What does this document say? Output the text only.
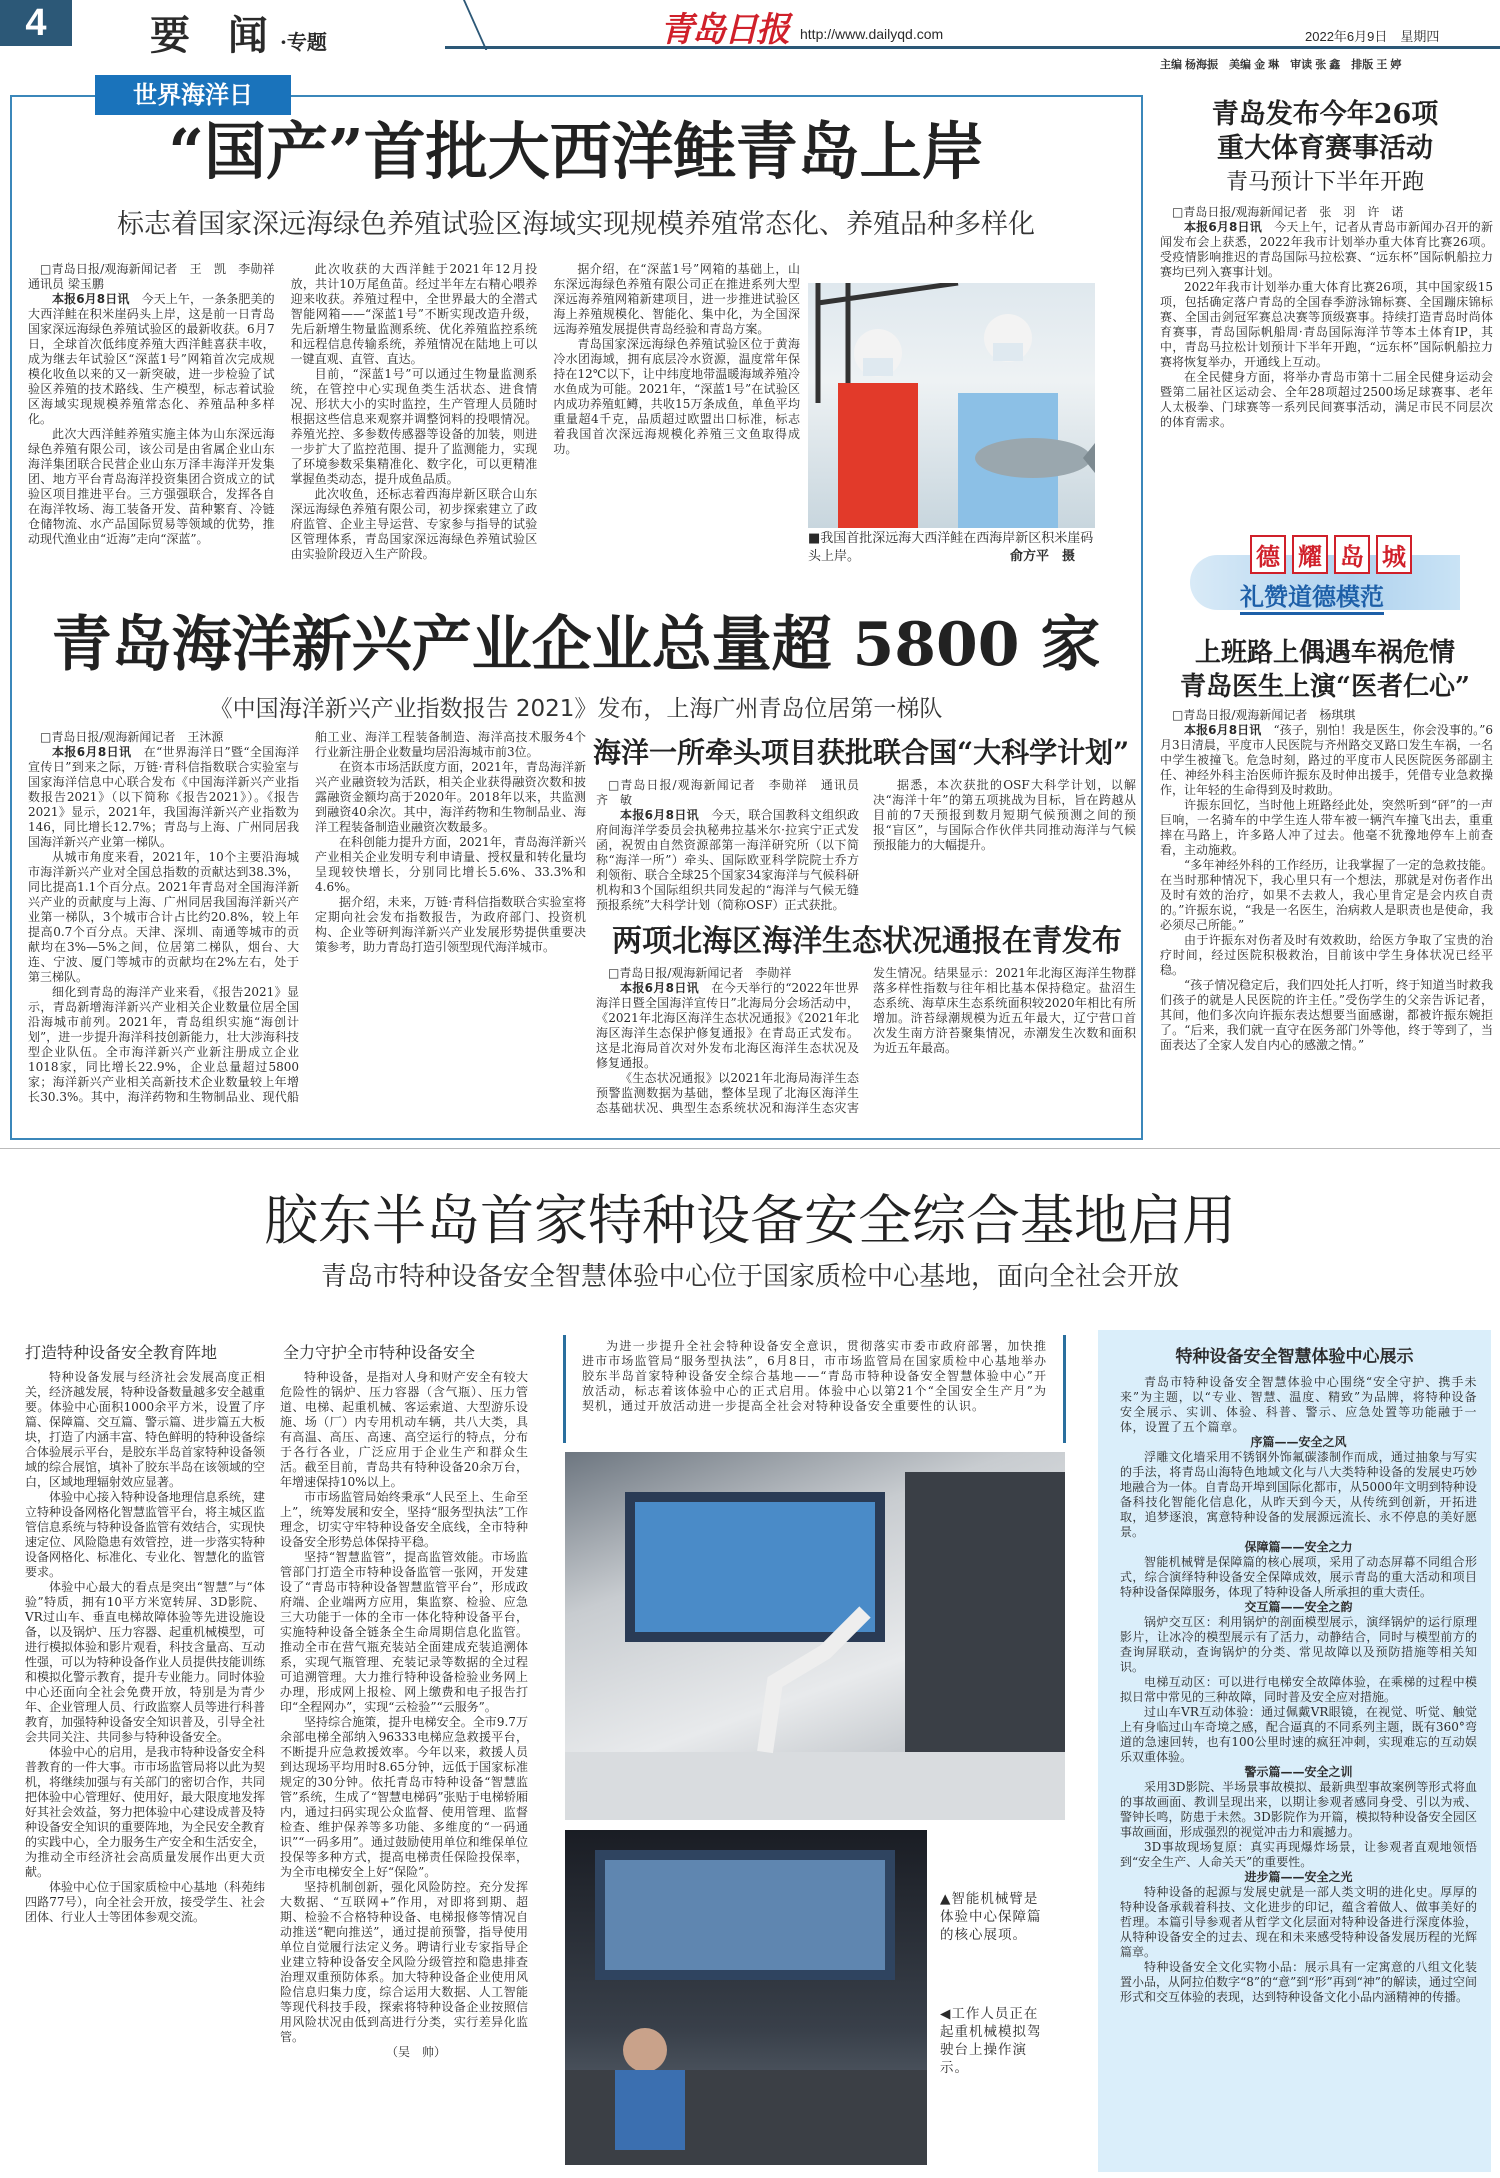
4	要 闻·专题	青岛日报 http://www.dailyqd.com	2022年6月9日　星期四
主编 杨海振　美编 金 琳　审读 张 鑫　排版 王 婷
世界海洋日
“国产”首批大西洋鲑青岛上岸
标志着国家深远海绿色养殖试验区海域实现规模养殖常态化、养殖品种多样化

□青岛日报/观海新闻记者　王　凯　李勋祥　通讯员 梁玉鹏

本报6月8日讯　 今天上午，一条条肥美的大西洋鲑在积米崖码头上岸，这是前一日青岛国家深远海绿色养殖试验区的最新收获。6月7日，全球首次低纬度养殖大西洋鲑喜获丰收，成为继去年试验区“深蓝1号”网箱首次完成规模化收鱼以来的又一新突破，进一步检验了试验区养殖的技术路线、生产模型，标志着试验区海域实现规模养殖常态化、养殖品种多样化。

此次大西洋鲑养殖实施主体为山东深远海绿色养殖有限公司，该公司是由省属企业山东海洋集团联合民营企业山东万泽丰海洋开发集团、地方平台青岛海洋投资集团合资成立的试验区项目推进平台。三方强强联合，发挥各自在海洋牧场、海工装备开发、苗种繁育、冷链仓储物流、水产品国际贸易等领域的优势，推动现代渔业由“近海”走向“深蓝”。

此次收获的大西洋鲑于2021年12月投放，共计10万尾鱼苗。经过半年左右精心喂养迎来收获。养殖过程中，全世界最大的全潜式智能网箱——“深蓝1号”不断实现改造升级，先后新增生物量监测系统、优化养殖监控系统和远程信息传输系统，养殖情况在陆地上可以一键直观、直管、直达。

目前，“深蓝1号”可以通过生物量监测系统，在管控中心实现鱼类生活状态、进食情况、形状大小的实时监控，生产管理人员随时根据这些信息来观察并调整饲料的投喂情况。养殖光控、多参数传感器等设备的加装，则进一步扩大了监控范围、提升了监测能力，实现了环境参数采集精准化、数字化，可以更精准掌握鱼类动态，提升成鱼品质。

此次收鱼，还标志着西海岸新区联合山东深远海绿色养殖有限公司，初步探索建立了政府监管、企业主导运营、专家参与指导的试验区管理体系，青岛国家深远海绿色养殖试验区由实验阶段迈入生产阶段。

据介绍，在“深蓝1号”网箱的基础上，山东深远海绿色养殖有限公司正在推进系列大型深远海养殖网箱新建项目，进一步推进试验区海上养殖规模化、智能化、集中化，为全国深远海养殖发展提供青岛经验和青岛方案。

青岛国家深远海绿色养殖试验区位于黄海冷水团海域，拥有底层冷水资源，温度常年保持在12℃以下，让中纬度地带温暖海域养殖冷水鱼成为可能。2021年，“深蓝1号”在试验区内成功养殖虹鳟，共收15万条成鱼，单鱼平均重量超4千克，品质超过欧盟出口标准，标志着我国首次深远海规模化养殖三文鱼取得成功。

■我国首批深远海大西洋鲑在西海岸新区积米崖码头上岸。	俞方平　摄
青岛海洋新兴产业企业总量超 5800 家
《中国海洋新兴产业指数报告 2021》发布，上海广州青岛位居第一梯队

□青岛日报/观海新闻记者　王沐源

本报6月8日讯　 在“世界海洋日”暨“全国海洋宣传日”到来之际，万链·青科信指数联合实验室与国家海洋信息中心联合发布《中国海洋新兴产业指数报告2021》（以下简称《报告2021》）。《报告2021》显示，2021年，我国海洋新兴产业指数为146，同比增长12.7%；青岛与上海、广州同居我国海洋新兴产业第一梯队。

从城市角度来看，2021年，10个主要沿海城市海洋新兴产业对全国总指数的贡献达到38.3%，同比提高1.1个百分点。2021年青岛对全国海洋新兴产业的贡献度与上海、广州同居我国海洋新兴产业第一梯队，3个城市合计占比约20.8%，较上年提高0.7个百分点。天津、深圳、南通等城市的贡献均在3%—5%之间，位居第二梯队，烟台、大连、宁波、厦门等城市的贡献均在2%左右，处于第三梯队。

细化到青岛的海洋产业来看，《报告2021》显示，青岛新增海洋新兴产业相关企业数量位居全国沿海城市前列。2021年，青岛组织实施“海创计划”，进一步提升海洋科技创新能力，壮大涉海科技型企业队伍。全市海洋新兴产业新注册成立企业1018家，同比增长22.9%，企业总量超过5800家；海洋新兴产业相关高新技术企业数量较上年增长30.3%。其中，海洋药物和生物制品业、现代船舶工业、海洋工程装备制造、海洋高技术服务4个行业新注册企业数量均居沿海城市前3位。

在资本市场活跃度方面，2021年，青岛海洋新兴产业融资较为活跃，相关企业获得融资次数和披露融资金额均高于2020年。2018年以来，共监测到融资40余次。其中，海洋药物和生物制品业、海洋工程装备制造业融资次数最多。

在科创能力提升方面，2021年，青岛海洋新兴产业相关企业发明专利申请量、授权量和转化量均呈现较快增长，分别同比增长5.6%、33.3%和4.6%。

据介绍，未来，万链·青科信指数联合实验室将定期向社会发布指数报告，为政府部门、投资机构、企业等研判海洋新兴产业发展形势提供重要决策参考，助力青岛打造引领型现代海洋城市。

海洋一所牵头项目获批联合国“大科学计划”

□青岛日报/观海新闻记者　李勋祥　通讯员　齐　敏

本报6月8日讯　 今天，联合国教科文组织政府间海洋学委员会执秘弗拉基米尔·拉宾宁正式发函，祝贺由自然资源部第一海洋研究所（以下简称“海洋一所”）牵头、国际欧亚科学院院士乔方利领衔、联合全球25个国家34家海洋与气候科研机构和3个国际组织共同发起的“海洋与气候无缝预报系统”大科学计划（简称OSF）正式获批。

据悉，本次获批的OSF大科学计划，以解决“海洋十年”的第五项挑战为目标，旨在跨越从目前的7天预报到数月短期气候预测之间的预报“盲区”，与国际合作伙伴共同推动海洋与气候预报能力的大幅提升。

两项北海区海洋生态状况通报在青发布

□青岛日报/观海新闻记者　李勋祥

本报6月8日讯　 在今天举行的“2022年世界海洋日暨全国海洋宣传日”北海局分会场活动中，《2021年北海区海洋生态状况通报》《2021年北海区海洋生态保护修复通报》在青岛正式发布。这是北海局首次对外发布北海区海洋生态状况及修复通报。

《生态状况通报》以2021年北海局海洋生态预警监测数据为基础，整体呈现了北海区海洋生态基础状况、典型生态系统状况和海洋生态灾害发生情况。结果显示：2021年北海区海洋生物群落多样性指数与往年相比基本保持稳定。盐沼生态系统、海草床生态系统面积较2020年相比有所增加。浒苔绿潮规模为近五年最大，辽宁营口首次发生南方浒苔聚集情况，赤潮发生次数和面积为近五年最高。

青岛发布今年26项
重大体育赛事活动
青马预计下半年开跑

□青岛日报/观海新闻记者　张　羽　许　诺

本报6月8日讯　 今天上午，记者从青岛市新闻办召开的新闻发布会上获悉，2022年我市计划举办重大体育比赛26项。受疫情影响推迟的青岛国际马拉松赛、“远东杯”国际帆船拉力赛均已列入赛事计划。

2022年我市计划举办重大体育比赛26项，其中国家级15项，包括确定落户青岛的全国春季游泳锦标赛、全国蹦床锦标赛、全国击剑冠军赛总决赛等顶级赛事。持续打造青岛时尚体育赛事，青岛国际帆船周·青岛国际海洋节等本土体育IP，其中，青岛马拉松计划预计下半年开跑，“远东杯”国际帆船拉力赛将恢复举办，开通线上互动。

在全民健身方面，将举办青岛市第十二届全民健身运动会暨第二届社区运动会、全年28项超过2500场足球赛事、老年人太极拳、门球赛等一系列民间赛事活动，满足市民不同层次的体育需求。

德 耀 岛 城
礼赞道德模范
上班路上偶遇车祸危情
青岛医生上演“医者仁心”

□青岛日报/观海新闻记者　杨琪琪

本报6月8日讯　 “孩子，别怕！我是医生，你会没事的。”6月3日清晨，平度市人民医院与齐州路交叉路口发生车祸，一名中学生被撞飞。危急时刻，路过的平度市人民医院医务部副主任、神经外科主治医师许振东及时伸出援手，凭借专业急救操作，让年轻的生命得到及时救助。

许振东回忆，当时他上班路经此处，突然听到“砰”的一声巨响，一名骑车的中学生连人带车被一辆汽车撞飞出去，重重摔在马路上，许多路人冲了过去。他毫不犹豫地停车上前查看，主动施救。

“多年神经外科的工作经历，让我掌握了一定的急救技能。在当时那种情况下，我心里只有一个想法，那就是对伤者作出及时有效的治疗，如果不去救人，我心里肯定是会内疚自责的。”许振东说，“我是一名医生，治病救人是职责也是使命，我必须尽己所能。”

由于许振东对伤者及时有效救助，给医方争取了宝贵的治疗时间，经过医院积极救治，目前该中学生身体状况已经平稳。

“孩子情况稳定后，我们四处托人打听，终于知道当时救我们孩子的就是人民医院的许主任。”受伤学生的父亲告诉记者，其间，他们多次向许振东表达想要当面感谢，都被许振东婉拒了。“后来，我们就一直守在医务部门外等他，终于等到了，当面表达了全家人发自内心的感激之情。”

胶东半岛首家特种设备安全综合基地启用
青岛市特种设备安全智慧体验中心位于国家质检中心基地，面向全社会开放
打造特种设备安全教育阵地	全力守护全市特种设备安全

特种设备发展与经济社会发展高度正相关，经济越发展，特种设备数量越多安全越重要。体验中心面积1000余平方米，设置了序篇、保障篇、交互篇、警示篇、进步篇五大板块，打造了内涵丰富、特色鲜明的特种设备综合体验展示平台，是胶东半岛首家特种设备领域的综合展馆，填补了胶东半岛在该领域的空白，区域地理辐射效应显著。

体验中心接入特种设备地理信息系统，建立特种设备网格化智慧监管平台，将主城区监管信息系统与特种设备监管有效结合，实现快速定位、风险隐患有效管控，进一步落实特种设备网格化、标准化、专业化、智慧化的监管要求。

体验中心最大的看点是突出“智慧”与“体验”特质，拥有10平方米宽转屏、3D影院、VR过山车、垂直电梯故障体验等先进设施设备，以及锅炉、压力容器、起重机械模型，可进行模拟体验和影片观看，科技含量高、互动性强，可以为特种设备作业人员提供技能训练和模拟化警示教育，提升专业能力。同时体验中心还面向全社会免费开放，特别是为青少年、企业管理人员、行政监察人员等进行科普教育，加强特种设备安全知识普及，引导全社会共同关注、共同参与特种设备安全。

体验中心的启用，是我市特种设备安全科普教育的一件大事。市市场监管局将以此为契机，将继续加强与有关部门的密切合作，共同把体验中心管理好、使用好，最大限度地发挥好其社会效益，努力把体验中心建设成普及特种设备安全知识的重要阵地，为全民安全教育的实践中心，全力服务生产安全和生活安全，为推动全市经济社会高质量发展作出更大贡献。

体验中心位于国家质检中心基地（科苑纬四路77号），向全社会开放，接受学生、社会团体、行业人士等团体参观交流。

特种设备，是指对人身和财产安全有较大危险性的锅炉、压力容器（含气瓶）、压力管道、电梯、起重机械、客运索道、大型游乐设施、场（厂）内专用机动车辆，共八大类，具有高温、高压、高速、高空运行的特点，分布于各行各业，广泛应用于企业生产和群众生活。截至目前，青岛共有特种设备20余万台，年增速保持10%以上。

市市场监管局始终秉承“人民至上、生命至上”，统筹发展和安全，坚持“服务型执法”工作理念，切实守牢特种设备安全底线，全市特种设备安全形势总体保持平稳。

坚持“智慧监管”，提高监管效能。市场监管部门打造全市特种设备监管一张网，开发建设了“青岛市特种设备智慧监管平台”，形成政府端、企业端两方应用，集监察、检验、应急三大功能于一体的全市一体化特种设备平台，实施特种设备全链条全生命周期信息化监管。推动全市在营气瓶充装站全面建成充装追溯体系，实现气瓶管理、充装记录等数据的全过程可追溯管理。大力推行特种设备检验业务网上办理，形成网上报检、网上缴费和电子报告打印“全程网办”，实现“云检验”“云服务”。

坚持综合施策，提升电梯安全。全市9.7万余部电梯全部纳入96333电梯应急救援平台，不断提升应急救援效率。今年以来，救援人员到达现场平均用时8.65分钟，远低于国家标准规定的30分钟。依托青岛市特种设备“智慧监管”系统，生成了“智慧电梯码”张贴于电梯轿厢内，通过扫码实现公众监督、使用管理、监督检查、维护保养等多功能、多维度的“一码通识”“一码多用”。通过鼓励使用单位和维保单位投保等多种方式，提高电梯责任保险投保率，为全市电梯安全上好“保险”。

坚持机制创新，强化风险防控。充分发挥大数据、“互联网+”作用，对即将到期、超期、检验不合格特种设备、电梯报修等情况自动推送“靶向推送”，通过提前预警，指导使用单位自觉履行法定义务。聘请行业专家指导企业建立特种设备安全风险分级管控和隐患排查治理双重预防体系。加大特种设备企业使用风险信息归集力度，综合运用大数据、人工智能等现代科技手段，探索将特种设备企业按照信用风险状况由低到高进行分类，实行差异化监管。

（吴　帅）

为进一步提升全社会特种设备安全意识，贯彻落实市委市政府部署，加快推进市市场监管局“服务型执法”，6月8日，市市场监管局在国家质检中心基地举办胶东半岛首家特种设备安全综合基地——“青岛市特种设备安全智慧体验中心”开放活动，标志着该体验中心的正式启用。体验中心以第21个“全国安全生产月”为契机，通过开放活动进一步提高全社会对特种设备安全重要性的认识。

▲智能机械臂是体验中心保障篇的核心展项。
◀工作人员正在起重机械模拟驾驶台上操作演示。
特种设备安全智慧体验中心展示

青岛市特种设备安全智慧体验中心围绕“安全守护、携手未来”为主题，以“专业、智慧、温度、精致”为品牌，将特种设备安全展示、实训、体验、科普、警示、应急处置等功能融于一体，设置了五个篇章。

序篇——安全之风

浮雕文化墙采用不锈钢外饰氟碳漆制作而成，通过抽象与写实的手法，将青岛山海特色地域文化与八大类特种设备的发展史巧妙地融合为一体。自青岛开埠到国际化都市，从5000年文明到特种设备科技化智能化信息化，从昨天到今天，从传统到创新，开拓进取，追梦逐浪，寓意特种设备的发展源远流长、永不停息的美好愿景。

保障篇——安全之力

智能机械臂是保障篇的核心展项，采用了动态屏幕不同组合形式，综合演绎特种设备安全保障成效，展示青岛的重大活动和项目特种设备保障服务，体现了特种设备人所承担的重大责任。

交互篇——安全之韵

锅炉交互区：利用锅炉的剖面模型展示，演绎锅炉的运行原理影片，让冰冷的模型展示有了活力，动静结合，同时与模型前方的查询屏联动，查询锅炉的分类、常见故障以及预防措施等相关知识。

电梯互动区：可以进行电梯安全故障体验，在乘梯的过程中模拟日常中常见的三种故障，同时普及安全应对措施。

过山车VR互动体验：通过佩戴VR眼镜，在视觉、听觉、触觉上有身临过山车奇境之感，配合逼真的不同系列主题，既有360°弯道的急速回转，也有100公里时速的疯狂冲刺，实现难忘的互动娱乐双重体验。

警示篇——安全之训

采用3D影院、半场景事故模拟、最新典型事故案例等形式将血的事故画面、教训呈现出来，以期让参观者感同身受、引以为戒、警钟长鸣，防患于未然。3D影院作为开篇，模拟特种设备安全园区事故画面，形成强烈的视觉冲击力和震撼力。

3D事故现场复原：真实再现爆炸场景，让参观者直观地领悟到“安全生产、人命关天”的重要性。

进步篇——安全之光

特种设备的起源与发展史就是一部人类文明的进化史。厚厚的特种设备承载着科技、文化进步的印记，蕴含着做人、做事美好的哲理。本篇引导参观者从哲学文化层面对特种设备进行深度体验，从特种设备安全的过去、现在和未来感受特种设备发展历程的光辉篇章。

特种设备安全文化实物小品：展示具有一定寓意的八组文化装置小品，从阿拉伯数字“8”的“意”到“形”再到“神”的解读，通过空间形式和交互体验的表现，达到特种设备文化小品内涵精神的传播。
